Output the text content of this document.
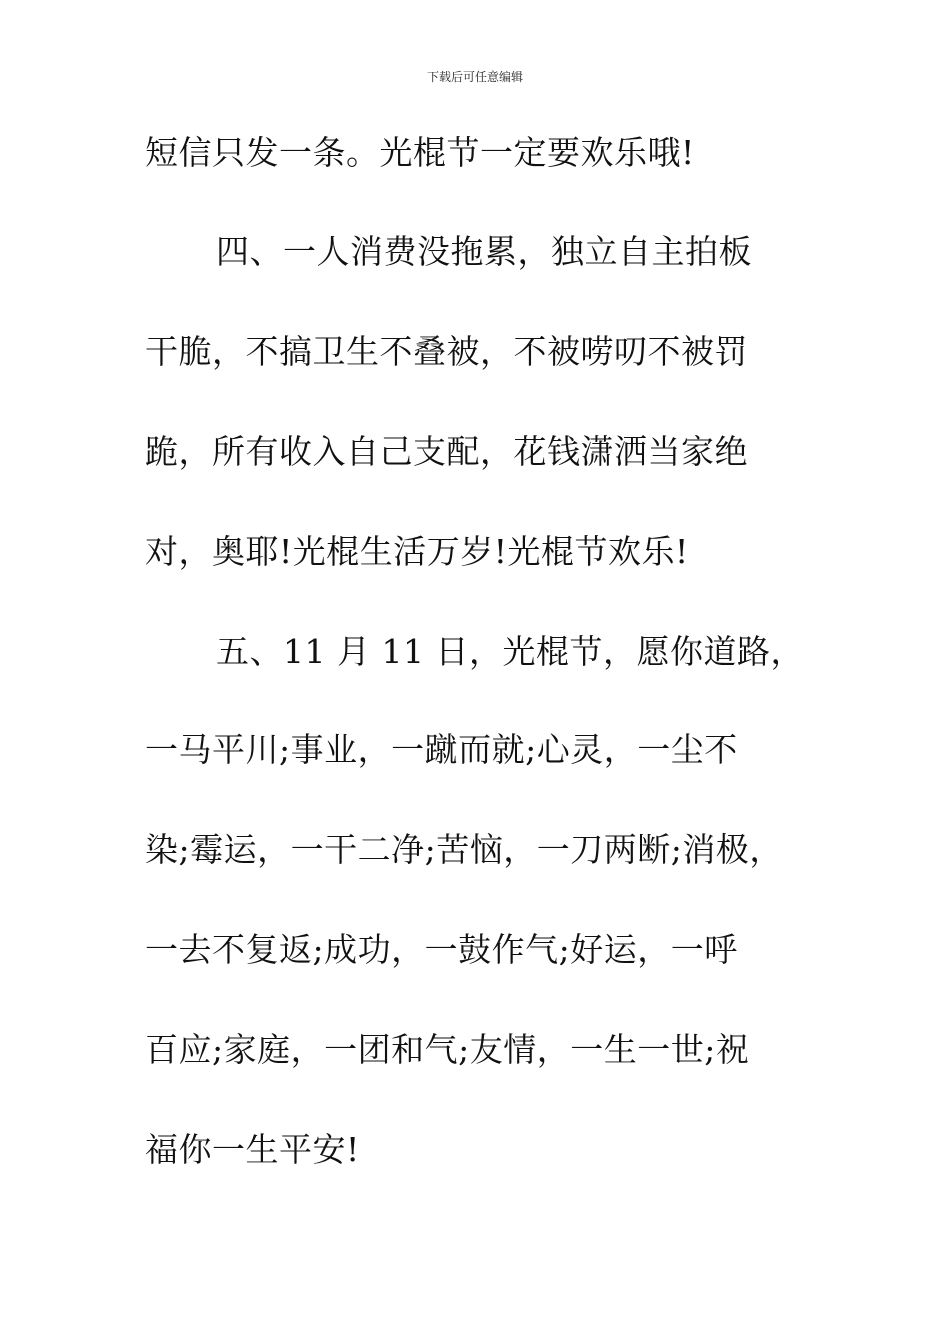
下载后可任意编辑
短信只发一条。光棍节一定要欢乐哦!
四、一人消费没拖累，独立自主拍板
干脆，不搞卫生不叠被，不被唠叨不被罚
跪，所有收入自己支配，花钱潇洒当家绝
对，奥耶!光棍生活万岁!光棍节欢乐!
五、11 月 11 日，光棍节，愿你道路，
一马平川;事业，一蹴而就;心灵，一尘不
染;霉运，一干二净;苦恼，一刀两断;消极，
一去不复返;成功，一鼓作气;好运，一呼
百应;家庭，一团和气;友情，一生一世;祝
福你一生平安!
